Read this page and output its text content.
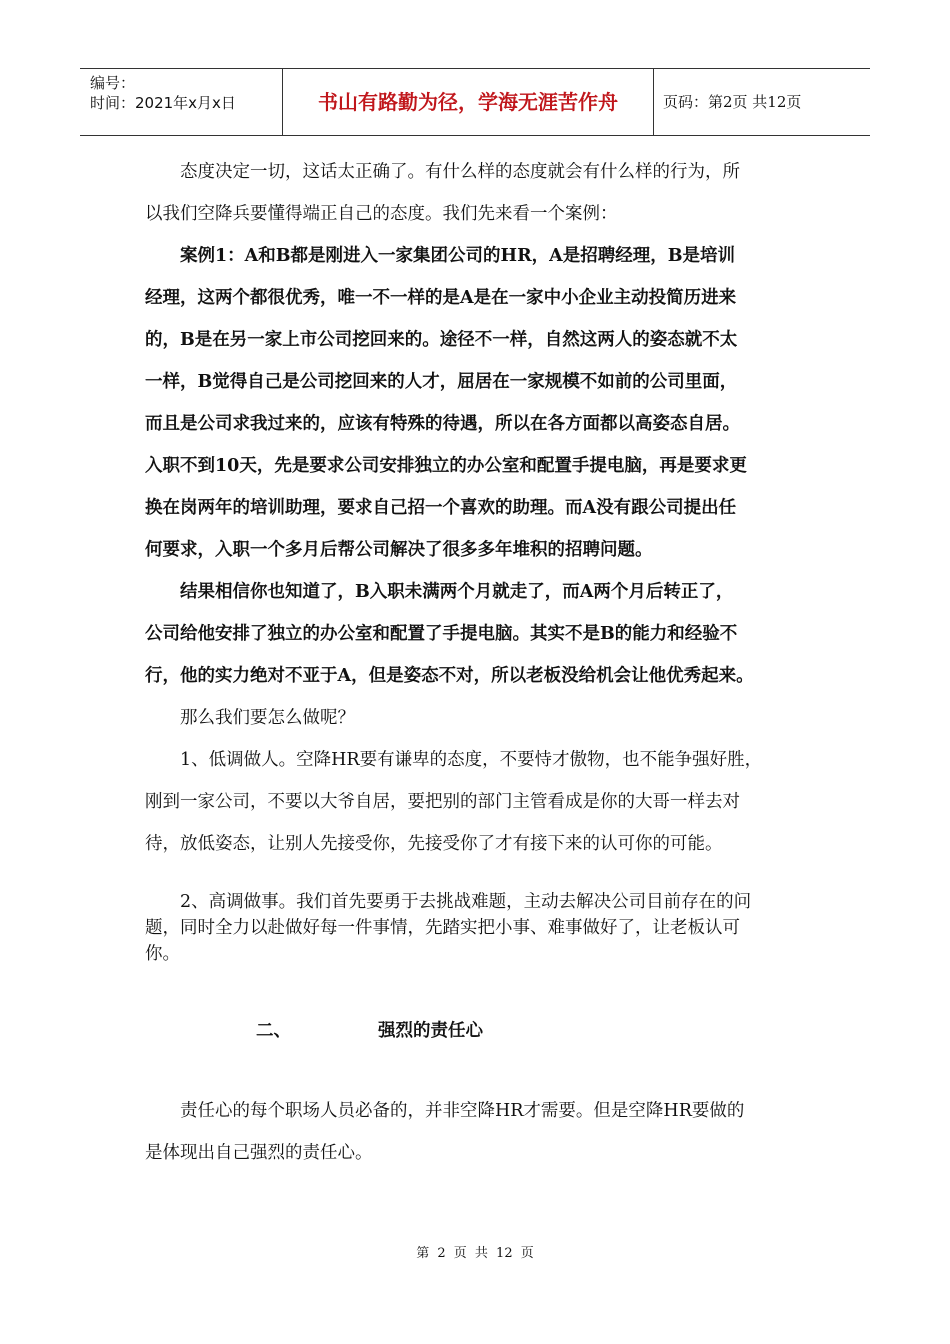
编号：
时间：2021年x月x日	书山有路勤为径，学海无涯苦作舟	页码：第2页 共12页
　　态度决定一切，这话太正确了。有什么样的态度就会有什么样的行为，所
以我们空降兵要懂得端正自己的态度。我们先来看一个案例：
　　案例1：A和B都是刚进入一家集团公司的HR，A是招聘经理，B是培训
经理，这两个都很优秀，唯一不一样的是A是在一家中小企业主动投简历进来
的，B是在另一家上市公司挖回来的。途径不一样，自然这两人的姿态就不太
一样，B觉得自己是公司挖回来的人才，屈居在一家规模不如前的公司里面，
而且是公司求我过来的，应该有特殊的待遇，所以在各方面都以高姿态自居。
入职不到10天，先是要求公司安排独立的办公室和配置手提电脑，再是要求更
换在岗两年的培训助理，要求自己招一个喜欢的助理。而A没有跟公司提出任
何要求，入职一个多月后帮公司解决了很多多年堆积的招聘问题。
　　结果相信你也知道了，B入职未满两个月就走了，而A两个月后转正了，
公司给他安排了独立的办公室和配置了手提电脑。其实不是B的能力和经验不
行，他的实力绝对不亚于A，但是姿态不对，所以老板没给机会让他优秀起来。
　　那么我们要怎么做呢？
　　1、低调做人。空降HR要有谦卑的态度，不要恃才傲物，也不能争强好胜，
刚到一家公司，不要以大爷自居，要把别的部门主管看成是你的大哥一样去对
待，放低姿态，让别人先接受你，先接受你了才有接下来的认可你的可能。
　　2、高调做事。我们首先要勇于去挑战难题，主动去解决公司目前存在的问
题，同时全力以赴做好每一件事情，先踏实把小事、难事做好了，让老板认可
你。
二、	强烈的责任心
　　责任心的每个职场人员必备的，并非空降HR才需要。但是空降HR要做的
是体现出自己强烈的责任心。
第 2 页 共 12 页
